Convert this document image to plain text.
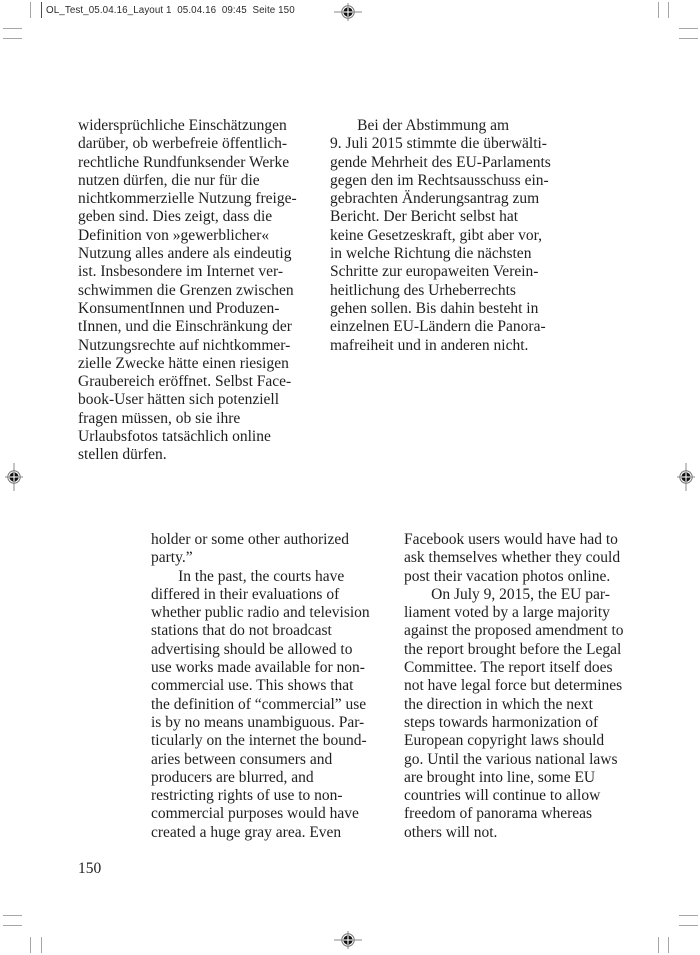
OL_Test_05.04.16_Layout 1  05.04.16  09:45  Seite 150
widersprüchliche Einschätzungen
darüber, ob werbefreie öffentlich-
rechtliche Rundfunksender Werke
nutzen dürfen, die nur für die
nichtkommerzielle Nutzung freige-
geben sind. Dies zeigt, dass die
Definition von »gewerblicher«
Nutzung alles andere als eindeutig
ist. Insbesondere im Internet ver-
schwimmen die Grenzen zwischen
KonsumentInnen und Produzen-
tInnen, und die Einschränkung der
Nutzungsrechte auf nichtkommer-
zielle Zwecke hätte einen riesigen
Graubereich eröffnet. Selbst Face-
book-User hätten sich potenziell
fragen müssen, ob sie ihre
Urlaubsfotos tatsächlich online
stellen dürfen.
Bei der Abstimmung am
9. Juli 2015 stimmte die überwälti-
gende Mehrheit des EU-Parlaments
gegen den im Rechtsausschuss ein-
gebrachten Änderungsantrag zum
Bericht. Der Bericht selbst hat
keine Gesetzeskraft, gibt aber vor,
in welche Richtung die nächsten
Schritte zur europaweiten Verein-
heitlichung des Urheberrechts
gehen sollen. Bis dahin besteht in
einzelnen EU-Ländern die Panora-
mafreiheit und in anderen nicht.
holder or some other authorized
party.”
In the past, the courts have
differed in their evaluations of
whether public radio and television
stations that do not broadcast
advertising should be allowed to
use works made available for non-
commercial use. This shows that
the definition of “commercial” use
is by no means unambiguous. Par-
ticularly on the internet the bound-
aries between consumers and
producers are blurred, and
restricting rights of use to non-
commercial purposes would have
created a huge gray area. Even
Facebook users would have had to
ask themselves whether they could
post their vacation photos online.
On July 9, 2015, the EU par-
liament voted by a large majority
against the proposed amendment to
the report brought before the Legal
Committee. The report itself does
not have legal force but determines
the direction in which the next
steps towards harmonization of
European copyright laws should
go. Until the various national laws
are brought into line, some EU
countries will continue to allow
freedom of panorama whereas
others will not.
150
